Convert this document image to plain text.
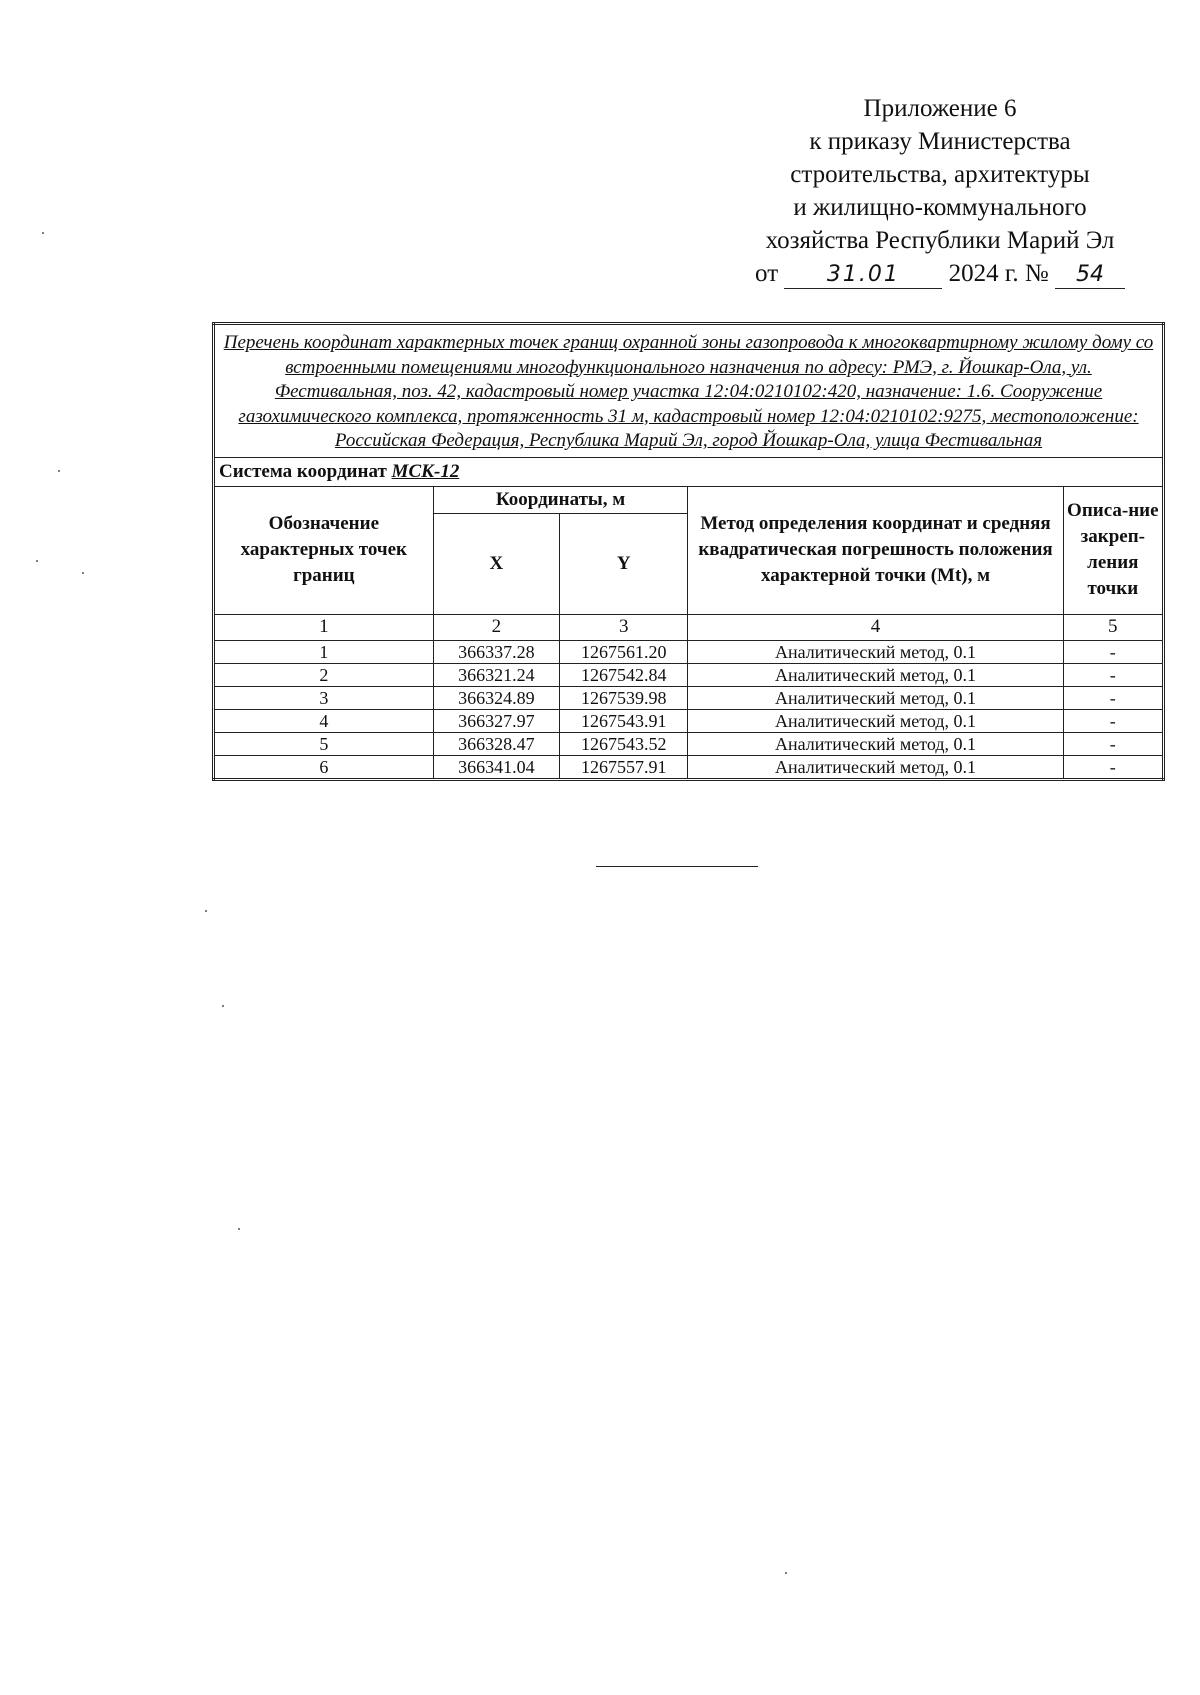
Приложение 6
к приказу Министерства
строительства, архитектуры
и жилищно-коммунального
хозяйства Республики Марий Эл
от 31.01 2024 г. № 54
Перечень координат характерных точек границ охранной зоны газопровода к многоквартирному жилому дому со встроенными помещениями многофункционального назначения по адресу: РМЭ, г. Йошкар-Ола, ул. Фестивальная, поз. 42, кадастровый номер участка 12:04:0210102:420, назначение: 1.6. Сооружение газохимического комплекса, протяженность 31 м, кадастровый номер 12:04:0210102:9275, местоположение: Российская Федерация, Республика Марий Эл, город Йошкар-Ола, улица Фестивальная				
Система координат МСК-12				
Обозначение характерных точек границ	Координаты, м		Метод определения координат и средняя квадратическая погрешность положения характерной точки (Mt), м	Описа-ние закреп-ления точки
	X	Y		
1	2	3	4	5
1	366337.28	1267561.20	Аналитический метод, 0.1	-
2	366321.24	1267542.84	Аналитический метод, 0.1	-
3	366324.89	1267539.98	Аналитический метод, 0.1	-
4	366327.97	1267543.91	Аналитический метод, 0.1	-
5	366328.47	1267543.52	Аналитический метод, 0.1	-
6	366341.04	1267557.91	Аналитический метод, 0.1	-
